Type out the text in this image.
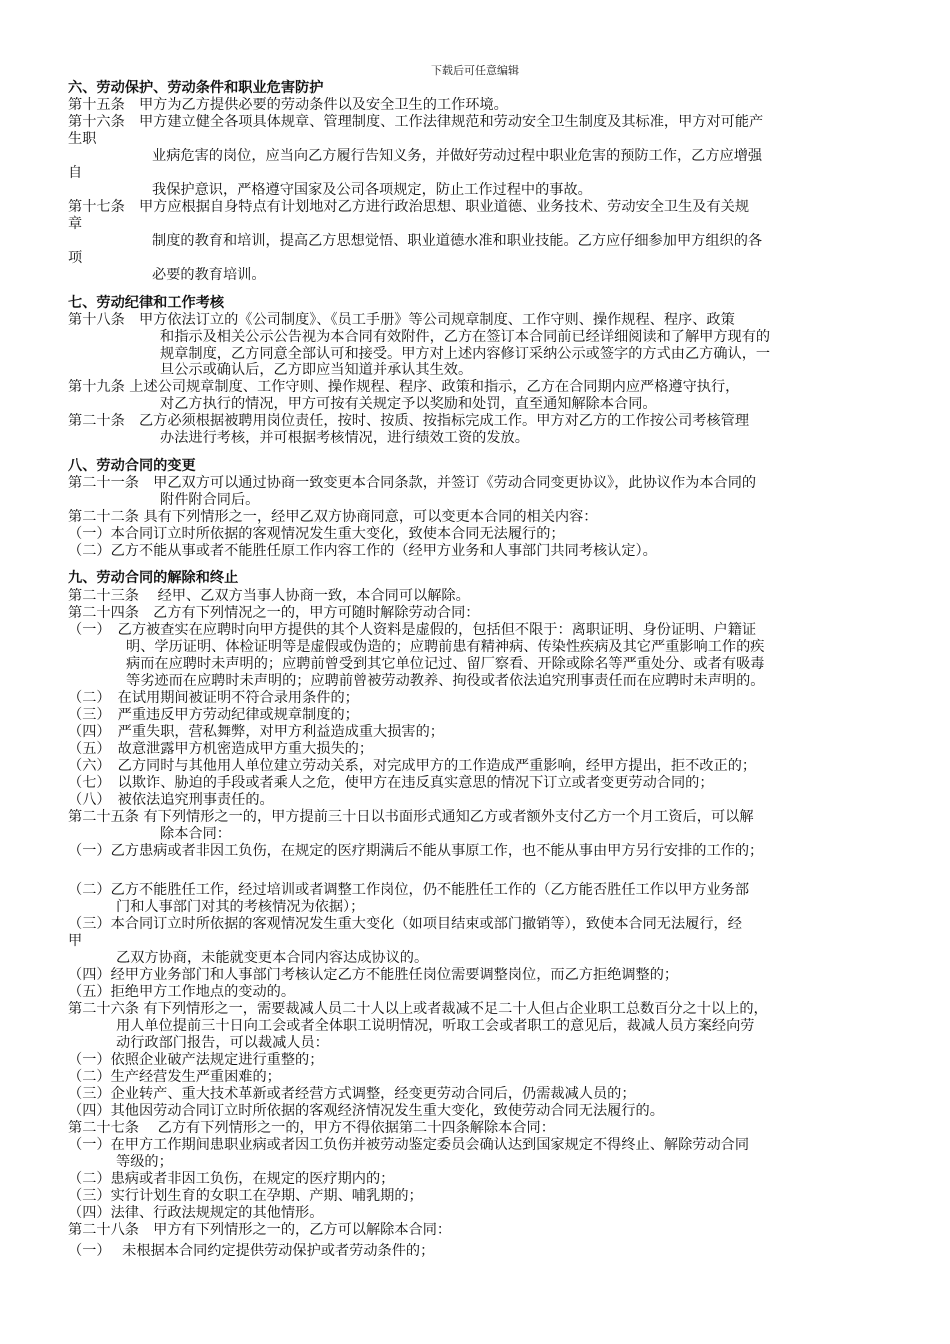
下载后可任意编辑
六、劳动保护、劳动条件和职业危害防护
第十五条　甲方为乙方提供必要的劳动条件以及安全卫生的工作环境。
第十六条　甲方建立健全各项具体规章、管理制度、工作法律规范和劳动安全卫生制度及其标准，甲方对可能产
生职
业病危害的岗位，应当向乙方履行告知义务，并做好劳动过程中职业危害的预防工作，乙方应增强
自
我保护意识，严格遵守国家及公司各项规定，防止工作过程中的事故。
第十七条　甲方应根据自身特点有计划地对乙方进行政治思想、职业道德、业务技术、劳动安全卫生及有关规
章
制度的教育和培训，提高乙方思想觉悟、职业道德水准和职业技能。乙方应仔细参加甲方组织的各
项
必要的教育培训。
七、劳动纪律和工作考核
第十八条　甲方依法订立的《公司制度》、《员工手册》等公司规章制度、工作守则、操作规程、程序、政策
和指示及相关公示公告视为本合同有效附件，乙方在签订本合同前已经详细阅读和了解甲方现有的
规章制度，乙方同意全部认可和接受。甲方对上述内容修订采纳公示或签字的方式由乙方确认，一
旦公示或确认后，乙方即应当知道并承认其生效。
第十九条 上述公司规章制度、工作守则、操作规程、程序、政策和指示，乙方在合同期内应严格遵守执行，
对乙方执行的情况，甲方可按有关规定予以奖励和处罚，直至通知解除本合同。
第二十条　乙方必须根据被聘用岗位责任，按时、按质、按指标完成工作。甲方对乙方的工作按公司考核管理
办法进行考核，并可根据考核情况，进行绩效工资的发放。
八、劳动合同的变更
第二十一条　甲乙双方可以通过协商一致变更本合同条款，并签订《劳动合同变更协议》，此协议作为本合同的
附件附合同后。
第二十二条 具有下列情形之一，经甲乙双方协商同意，可以变更本合同的相关内容：
（一）本合同订立时所依据的客观情况发生重大变化，致使本合同无法履行的；
（二）乙方不能从事或者不能胜任原工作内容工作的（经甲方业务和人事部门共同考核认定）。
九、劳动合同的解除和终止
第二十三条　 经甲、乙双方当事人协商一致，本合同可以解除。
第二十四条　乙方有下列情况之一的，甲方可随时解除劳动合同：
（一）　乙方被查实在应聘时向甲方提供的其个人资料是虚假的，包括但不限于：离职证明、身份证明、户籍证
明、学历证明、体检证明等是虚假或伪造的；应聘前患有精神病、传染性疾病及其它严重影响工作的疾
病而在应聘时未声明的；应聘前曾受到其它单位记过、留厂察看、开除或除名等严重处分、或者有吸毒
等劣迹而在应聘时未声明的；应聘前曾被劳动教养、拘役或者依法追究刑事责任而在应聘时未声明的。
（二）　在试用期间被证明不符合录用条件的；
（三）　严重违反甲方劳动纪律或规章制度的；
（四）　严重失职，营私舞弊，对甲方利益造成重大损害的；
（五）　故意泄露甲方机密造成甲方重大损失的；
（六）　乙方同时与其他用人单位建立劳动关系，对完成甲方的工作造成严重影响，经甲方提出，拒不改正的；
（七）　以欺诈、胁迫的手段或者乘人之危，使甲方在违反真实意思的情况下订立或者变更劳动合同的；
（八）　被依法追究刑事责任的。
第二十五条 有下列情形之一的，甲方提前三十日以书面形式通知乙方或者额外支付乙方一个月工资后，可以解
除本合同：
（一）乙方患病或者非因工负伤，在规定的医疗期满后不能从事原工作，也不能从事由甲方另行安排的工作的；
（二）乙方不能胜任工作，经过培训或者调整工作岗位，仍不能胜任工作的（乙方能否胜任工作以甲方业务部
门和人事部门对其的考核情况为依据）；
（三）本合同订立时所依据的客观情况发生重大变化（如项目结束或部门撤销等），致使本合同无法履行，经
甲
乙双方协商，未能就变更本合同内容达成协议的。
（四）经甲方业务部门和人事部门考核认定乙方不能胜任岗位需要调整岗位，而乙方拒绝调整的；
（五）拒绝甲方工作地点的变动的。
第二十六条 有下列情形之一，需要裁减人员二十人以上或者裁减不足二十人但占企业职工总数百分之十以上的，
用人单位提前三十日向工会或者全体职工说明情况，听取工会或者职工的意见后，裁减人员方案经向劳
动行政部门报告，可以裁减人员：
（一）依照企业破产法规定进行重整的；
（二）生产经营发生严重困难的；
（三）企业转产、重大技术革新或者经营方式调整，经变更劳动合同后，仍需裁减人员的；
（四）其他因劳动合同订立时所依据的客观经济情况发生重大变化，致使劳动合同无法履行的。
第二十七条　 乙方有下列情形之一的，甲方不得依据第二十四条解除本合同：
（一）在甲方工作期间患职业病或者因工负伤并被劳动鉴定委员会确认达到国家规定不得终止、解除劳动合同
等级的；
（二）患病或者非因工负伤，在规定的医疗期内的；
（三）实行计划生育的女职工在孕期、产期、哺乳期的；
（四）法律、行政法规规定的其他情形。
第二十八条　甲方有下列情形之一的，乙方可以解除本合同：
（一）　 未根据本合同约定提供劳动保护或者劳动条件的；
